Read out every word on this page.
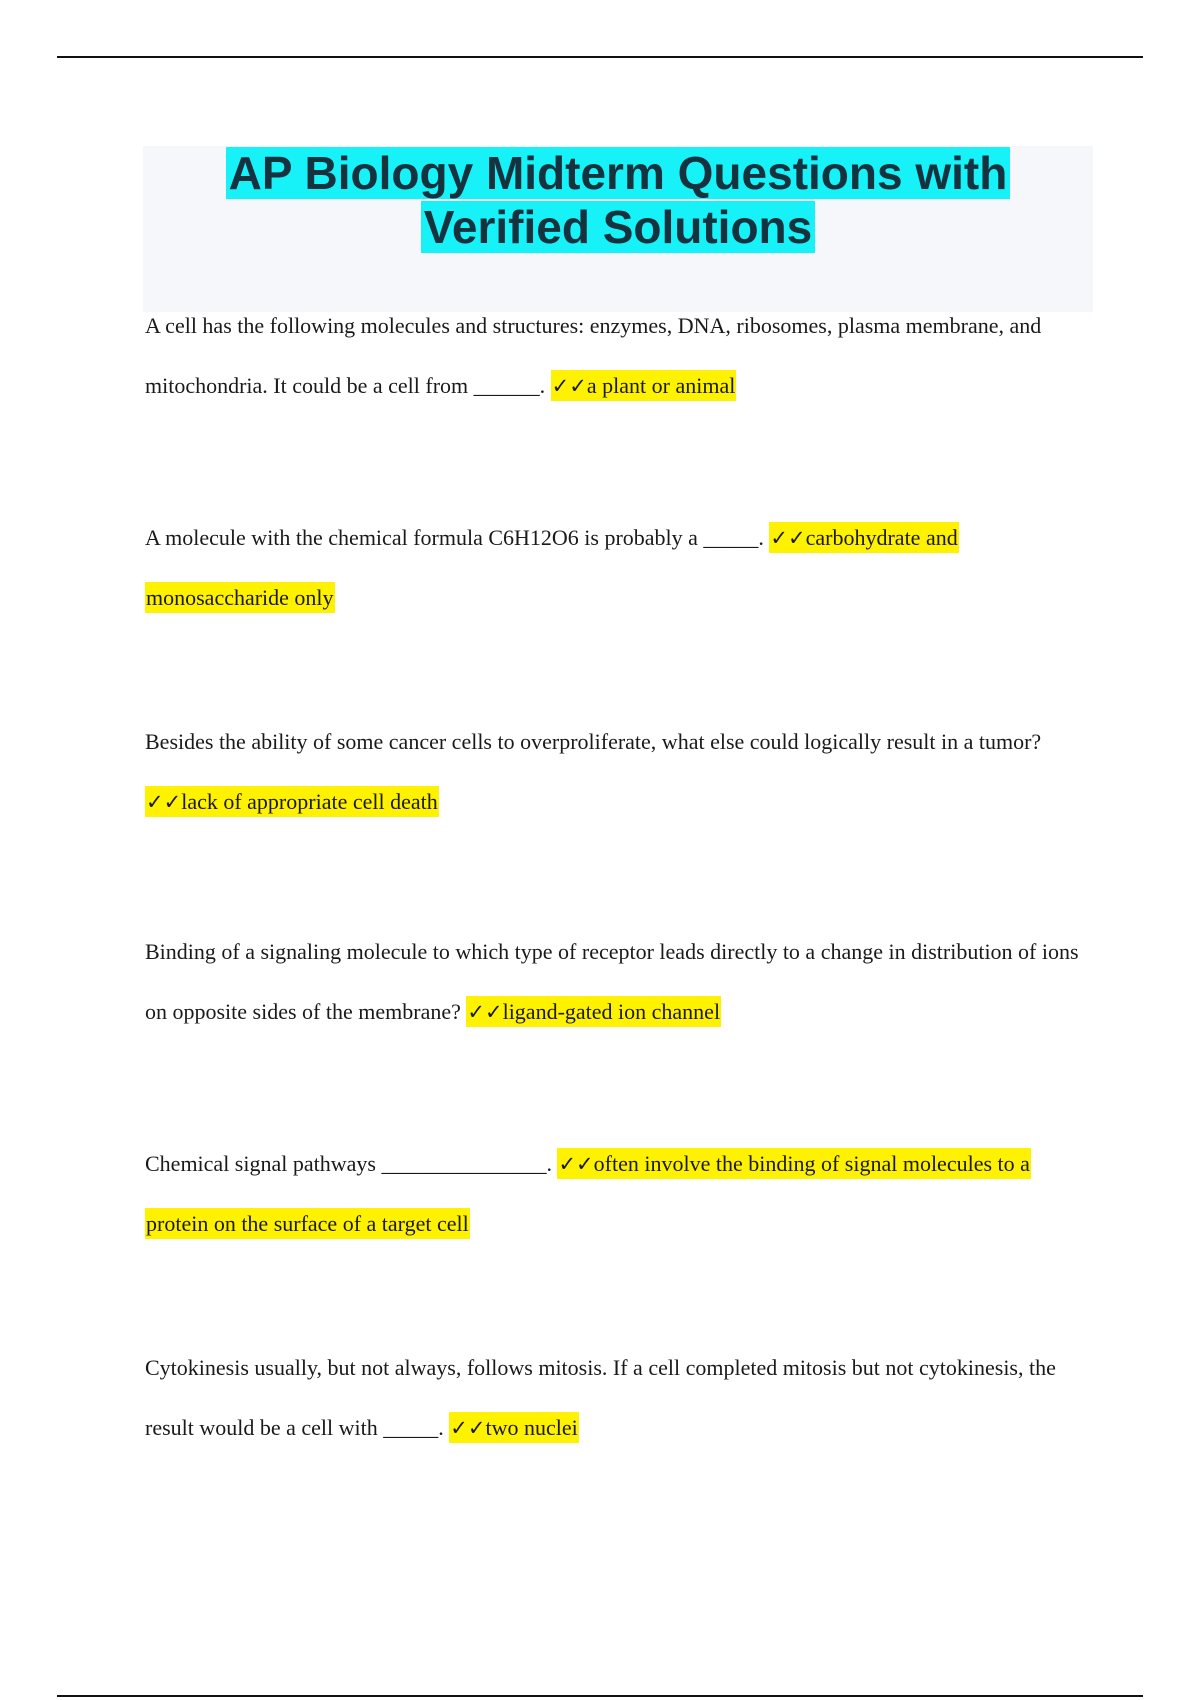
AP Biology Midterm Questions with Verified Solutions
A cell has the following molecules and structures: enzymes, DNA, ribosomes, plasma membrane, and mitochondria. It could be a cell from ______. ✓✓a plant or animal
A molecule with the chemical formula C6H12O6 is probably a _____. ✓✓carbohydrate and monosaccharide only
Besides the ability of some cancer cells to overproliferate, what else could logically result in a tumor? ✓✓lack of appropriate cell death
Binding of a signaling molecule to which type of receptor leads directly to a change in distribution of ions on opposite sides of the membrane? ✓✓ligand-gated ion channel
Chemical signal pathways _______________. ✓✓often involve the binding of signal molecules to a protein on the surface of a target cell
Cytokinesis usually, but not always, follows mitosis. If a cell completed mitosis but not cytokinesis, the result would be a cell with _____. ✓✓two nuclei
